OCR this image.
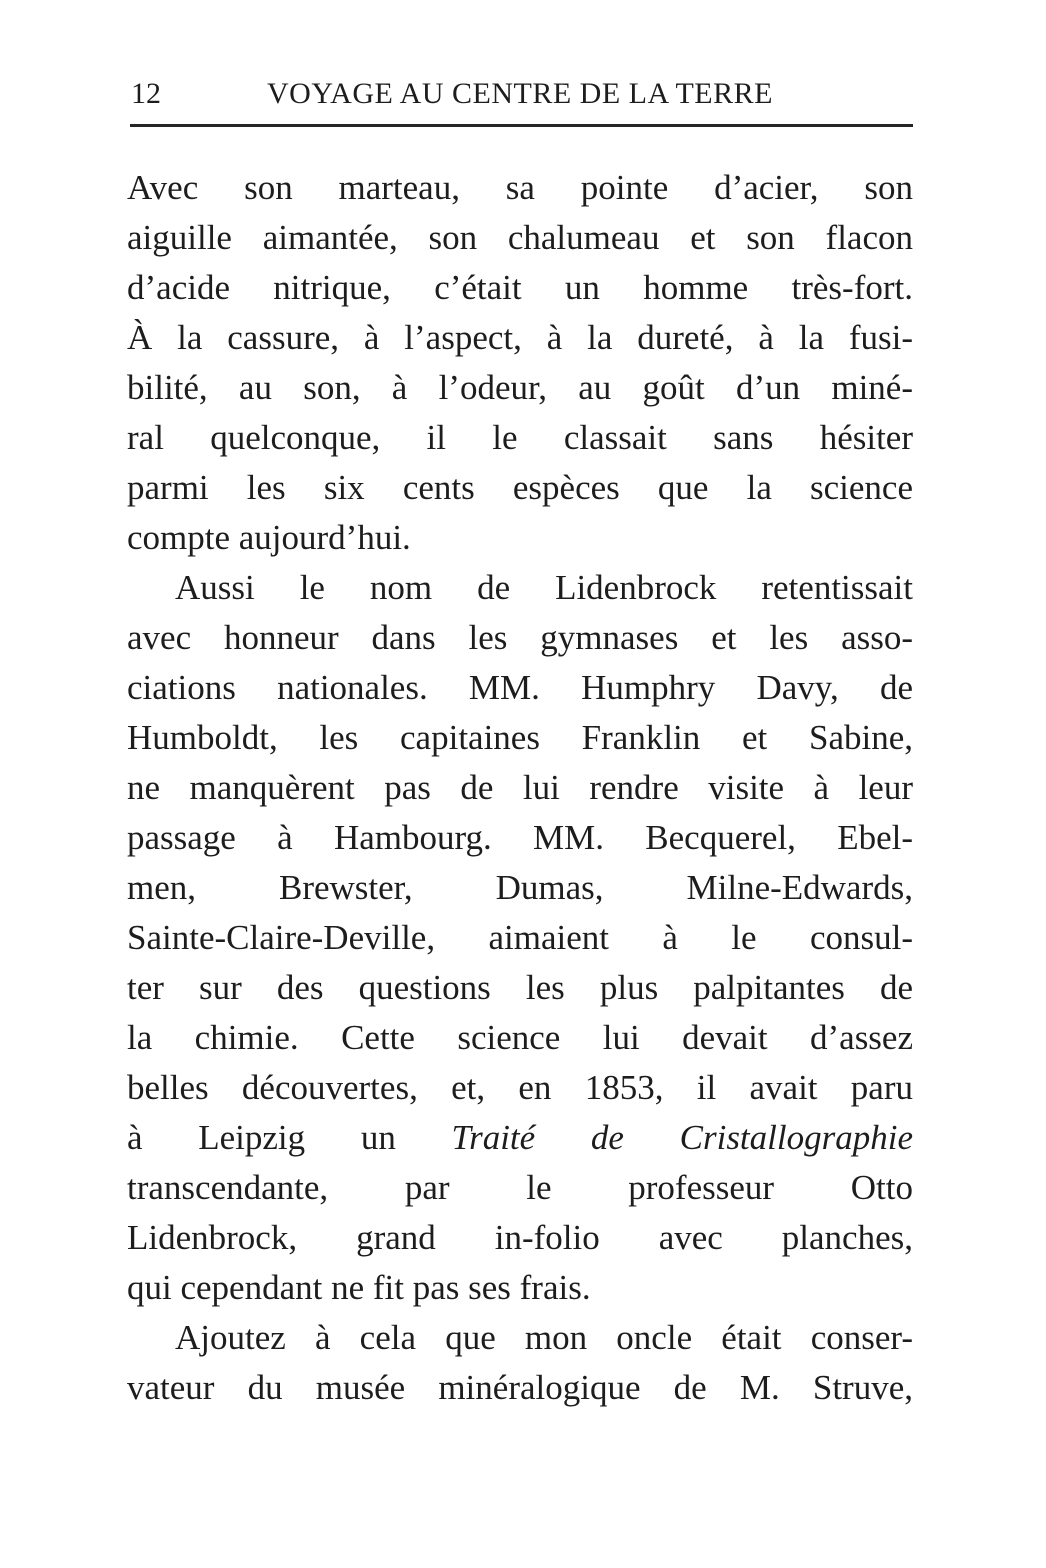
12	VOYAGE AU CENTRE DE LA TERRE
Avec son marteau, sa pointe d’acier, son
aiguille aimantée, son chalumeau et son flacon
d’acide nitrique, c’était un homme très-fort.
À la cassure, à l’aspect, à la dureté, à la fusi-
bilité, au son, à l’odeur, au goût d’un miné-
ral quelconque, il le classait sans hésiter
parmi les six cents espèces que la science
compte aujourd’hui.
Aussi le nom de Lidenbrock retentissait
avec honneur dans les gymnases et les asso-
ciations nationales. MM. Humphry Davy, de
Humboldt, les capitaines Franklin et Sabine,
ne manquèrent pas de lui rendre visite à leur
passage à Hambourg. MM. Becquerel, Ebel-
men, Brewster, Dumas, Milne-Edwards,
Sainte-Claire-Deville, aimaient à le consul-
ter sur des questions les plus palpitantes de
la chimie. Cette science lui devait d’assez
belles découvertes, et, en 1853, il avait paru
à Leipzig un Traité de Cristallographie
transcendante, par le professeur Otto
Lidenbrock, grand in-folio avec planches,
qui cependant ne fit pas ses frais.
Ajoutez à cela que mon oncle était conser-
vateur du musée minéralogique de M. Struve,
